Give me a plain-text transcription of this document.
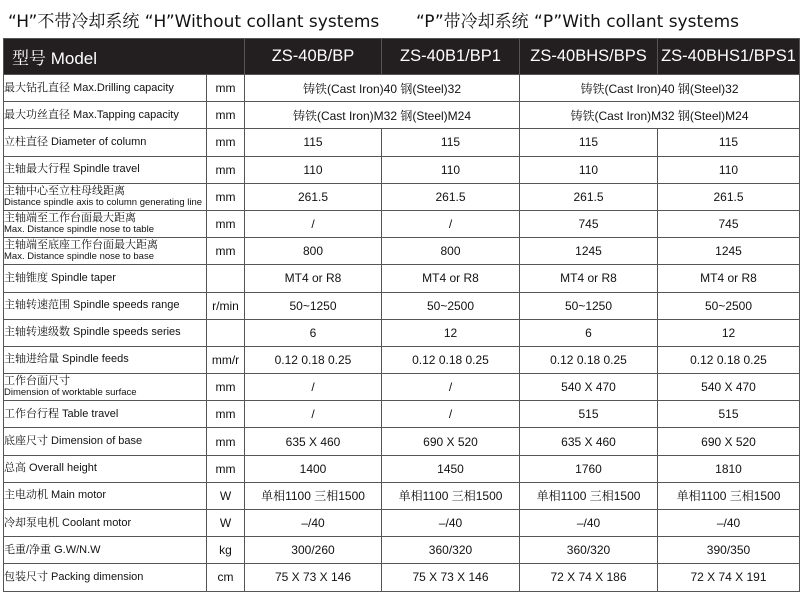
“H”不带冷却系统 “H”Without collant systems “P”带冷却系统 “P”With collant systems
型号 Model		ZS-40B/BP	ZS-40B1/BP1	ZS-40BHS/BPS	ZS-40BHS1/BPS1
最大钻孔直径 Max.Drilling capacity	mm	铸铁(Cast Iron)40 钢(Steel)32		铸铁(Cast Iron)40 钢(Steel)32	
最大功丝直径 Max.Tapping capacity	mm	铸铁(Cast Iron)M32 钢(Steel)M24		铸铁(Cast Iron)M32 钢(Steel)M24	

立柱直径 Diameter of column	mm	115	115	115	115

主轴最大行程 Spindle travel	mm	110	110	110	110

主轴中心至立柱母线距离
Distance spindle axis to column generating line	mm	261.5	261.5	261.5	261.5

主轴端至工作台面最大距离
Max. Distance spindle nose to table	mm	/	/	745	745

主轴端至底座工作台面最大距离
Max. Distance spindle nose to base	mm	800	800	1245	1245

主轴锥度 Spindle taper		MT4 or R8	MT4 or R8	MT4 or R8	MT4 or R8

主轴转速范围 Spindle speeds range	r/min	50~1250	50~2500	50~1250	50~2500

主轴转速级数 Spindle speeds series		6	12	6	12

主轴进给量 Spindle feeds	mm/r	0.12 0.18 0.25	0.12 0.18 0.25	0.12 0.18 0.25	0.12 0.18 0.25

工作台面尺寸
Dimension of worktable surface	mm	/	/	540 X 470	540 X 470

工作台行程 Table travel	mm	/	/	515	515

底座尺寸 Dimension of base	mm	635 X 460	690 X 520	635 X 460	690 X 520

总高 Overall height	mm	1400	1450	1760	1810

主电动机 Main motor	W	单相1100 三相1500	单相1100 三相1500	单相1100 三相1500	单相1100 三相1500

冷却泵电机 Coolant motor	W	–/40	–/40	–/40	–/40

毛重/净重 G.W/N.W	kg	300/260	360/320	360/320	390/350

包装尺寸 Packing dimension	cm	75 X 73 X 146	75 X 73 X 146	72 X 74 X 186	72 X 74 X 191
